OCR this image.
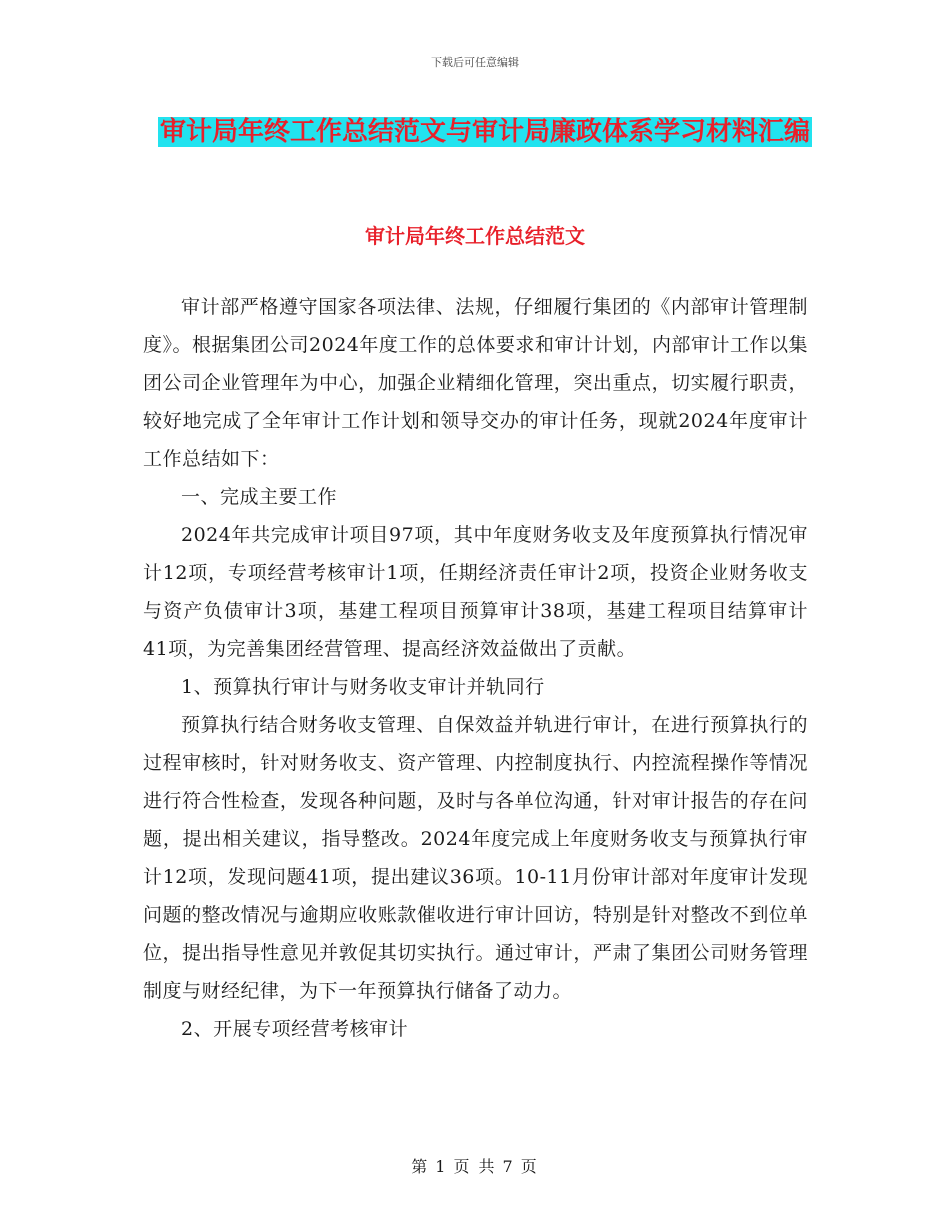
下载后可任意编辑
审计局年终工作总结范文与审计局廉政体系学习材料汇编
审计局年终工作总结范文

审计部严格遵守国家各项法律、法规，仔细履行集团的《内部审计管理制度》。根据集团公司2024年度工作的总体要求和审计计划，内部审计工作以集团公司企业管理年为中心，加强企业精细化管理，突出重点，切实履行职责，较好地完成了全年审计工作计划和领导交办的审计任务，现就2024年度审计工作总结如下：

一、完成主要工作

2024年共完成审计项目97项，其中年度财务收支及年度预算执行情况审计12项，专项经营考核审计1项，任期经济责任审计2项，投资企业财务收支与资产负债审计3项，基建工程项目预算审计38项，基建工程项目结算审计41项，为完善集团经营管理、提高经济效益做出了贡献。

1、预算执行审计与财务收支审计并轨同行

预算执行结合财务收支管理、自保效益并轨进行审计，在进行预算执行的过程审核时，针对财务收支、资产管理、内控制度执行、内控流程操作等情况进行符合性检查，发现各种问题，及时与各单位沟通，针对审计报告的存在问题，提出相关建议，指导整改。2024年度完成上年度财务收支与预算执行审计12项，发现问题41项，提出建议36项。10-11月份审计部对年度审计发现问题的整改情况与逾期应收账款催收进行审计回访，特别是针对整改不到位单位，提出指导性意见并敦促其切实执行。通过审计，严肃了集团公司财务管理制度与财经纪律，为下一年预算执行储备了动力。

2、开展专项经营考核审计

第 1 页 共 7 页
